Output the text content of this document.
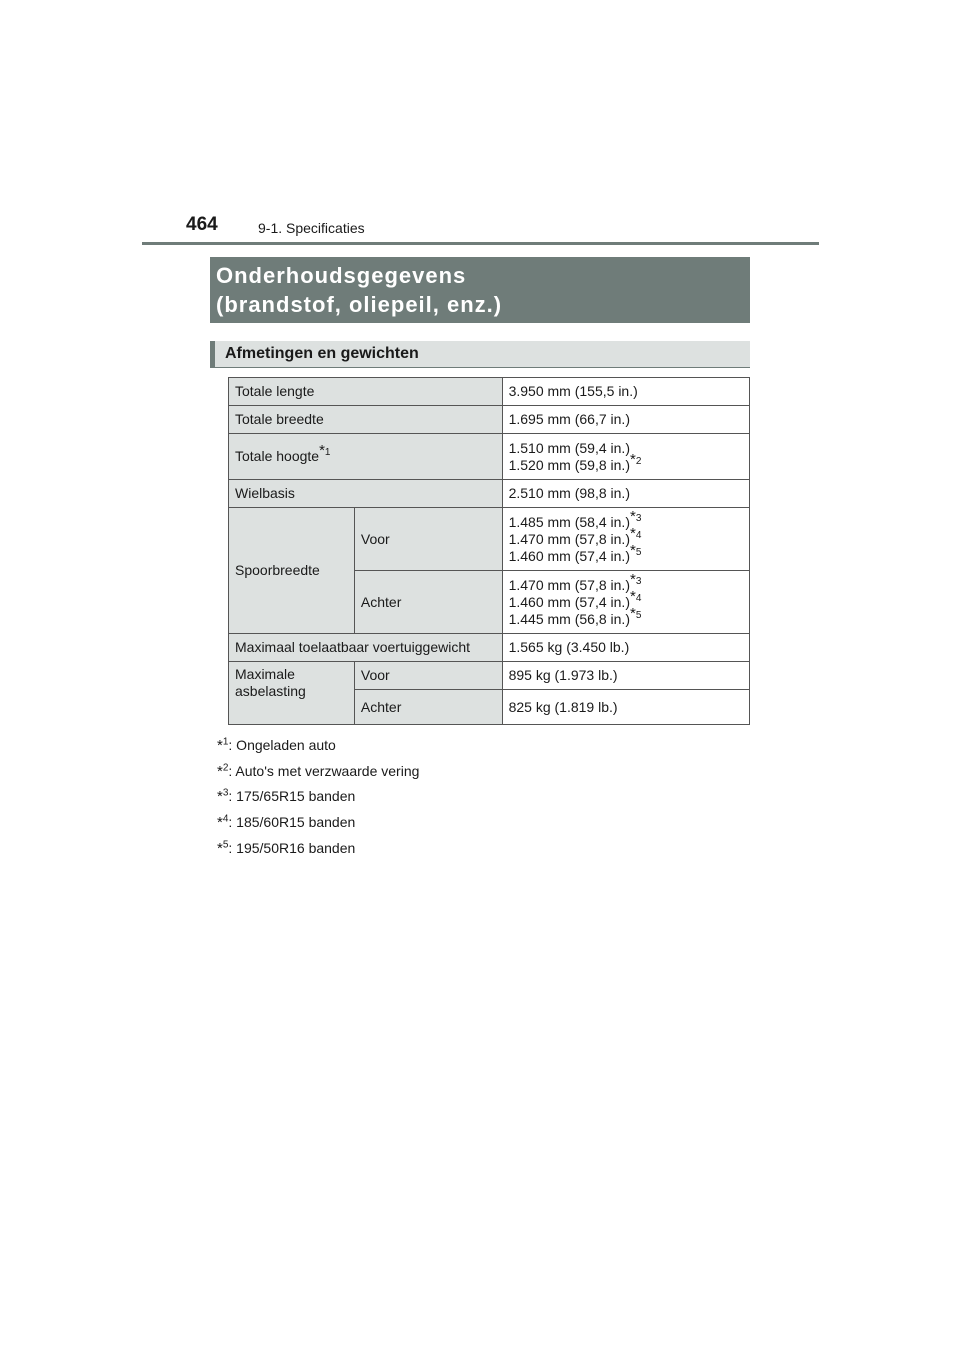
464	9-1. Specificaties
Onderhoudsgegevens
(brandstof, oliepeil, enz.)
Afmetingen en gewichten
Totale lengte		3.950 mm (155,5 in.)
Totale breedte		1.695 mm (66,7 in.)
Totale hoogte$^{*1}$		1.510 mm (59,4 in.)
1.520 mm (59,8 in.)$^{*2}$

Wielbasis		2.510 mm (98,8 in.)
Spoorbreedte	Voor	1.485 mm (58,4 in.)$^{*3}$
1.470 mm (57,8 in.)$^{*4}$
1.460 mm (57,4 in.)$^{*5}$

	Achter	1.470 mm (57,8 in.)$^{*3}$
1.460 mm (57,4 in.)$^{*4}$
1.445 mm (56,8 in.)$^{*5}$

Maximaal toelaatbaar voertuiggewicht		1.565 kg (3.450 lb.)
Maximale asbelasting	Voor	895 kg (1.973 lb.)
	Achter	825 kg (1.819 lb.)
*$^1$: Ongeladen auto
*$^2$: Auto's met verzwaarde vering
*$^3$: 175/65R15 banden
*$^4$: 185/60R15 banden
*$^5$: 195/50R16 banden
